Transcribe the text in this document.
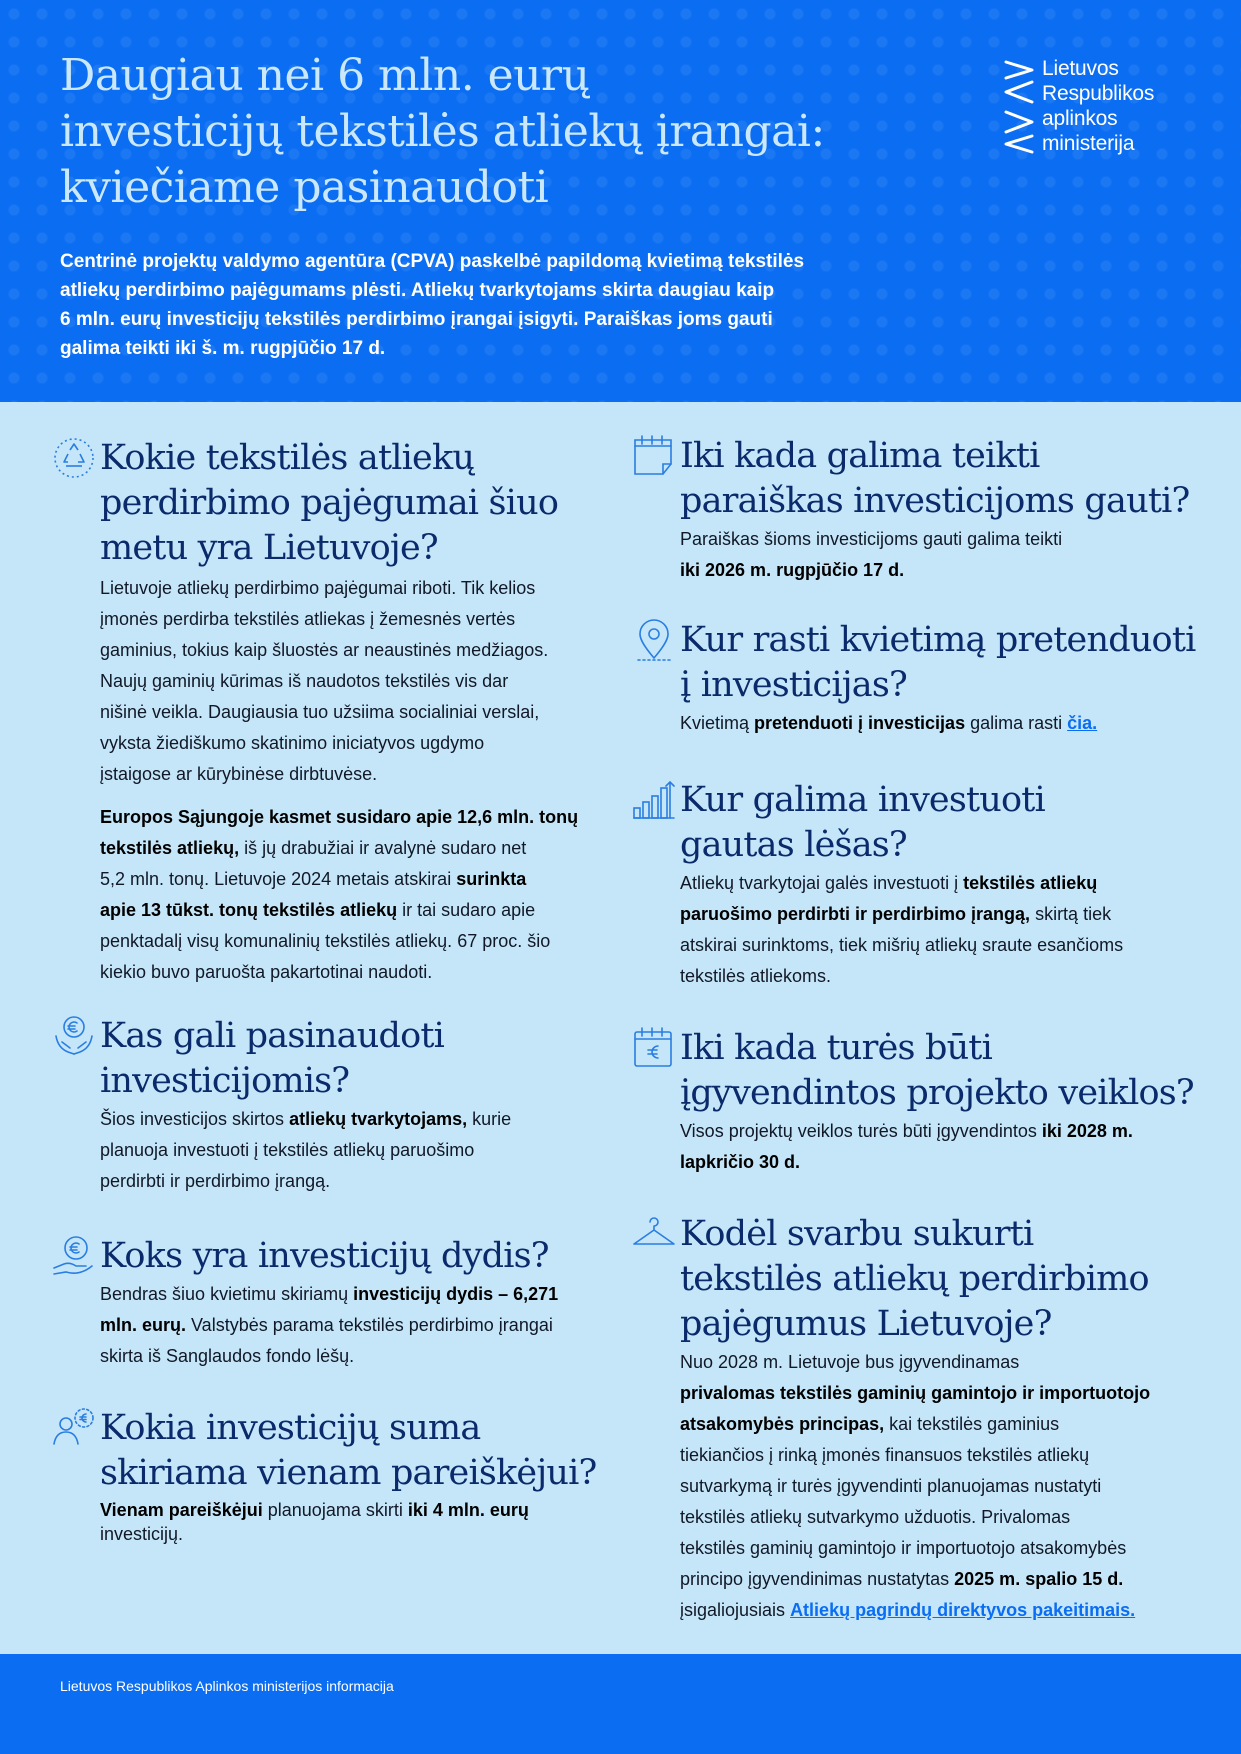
Daugiau nei 6 mln. eurų
investicijų tekstilės atliekų įrangai:
kviečiame pasinaudoti

Centrinė projektų valdymo agentūra (CPVA) paskelbė papildomą kvietimą tekstilės
atliekų perdirbimo pajėgumams plėsti. Atliekų tvarkytojams skirta daugiau kaip
6 mln. eurų investicijų tekstilės perdirbimo įrangai įsigyti. Paraiškas joms gauti
galima teikti iki š. m. rugpjūčio 17 d.

Lietuvos
Respublikos
aplinkos
ministerija
Kokie tekstilės atliekų
perdirbimo pajėgumai šiuo
metu yra Lietuvoje?

Lietuvoje atliekų perdirbimo pajėgumai riboti. Tik kelios
įmonės perdirba tekstilės atliekas į žemesnės vertės
gaminius, tokius kaip šluostės ar neaustinės medžiagos.
Naujų gaminių kūrimas iš naudotos tekstilės vis dar
nišinė veikla. Daugiausia tuo užsiima socialiniai verslai,
vyksta žiediškumo skatinimo iniciatyvos ugdymo
įstaigose ar kūrybinėse dirbtuvėse.

Europos Sąjungoje kasmet susidaro apie 12,6 mln. tonų
tekstilės atliekų, iš jų drabužiai ir avalynė sudaro net
5,2 mln. tonų. Lietuvoje 2024 metais atskirai surinkta
apie 13 tūkst. tonų tekstilės atliekų ir tai sudaro apie
penktadalį visų komunalinių tekstilės atliekų. 67 proc. šio
kiekio buvo paruošta pakartotinai naudoti.

Kas gali pasinaudoti
investicijomis?

Šios investicijos skirtos atliekų tvarkytojams, kurie
planuoja investuoti į tekstilės atliekų paruošimo
perdirbti ir perdirbimo įrangą.

Koks yra investicijų dydis?

Bendras šiuo kvietimu skiriamų investicijų dydis – 6,271
mln. eurų. Valstybės parama tekstilės perdirbimo įrangai
skirta iš Sanglaudos fondo lėšų.

Kokia investicijų suma
skiriama vienam pareiškėjui?

Vienam pareiškėjui planuojama skirti iki 4 mln. eurų
investicijų.

Iki kada galima teikti
paraiškas investicijoms gauti?

Paraiškas šioms investicijoms gauti galima teikti
iki 2026 m. rugpjūčio 17 d.

Kur rasti kvietimą pretenduoti
į investicijas?

Kvietimą pretenduoti į investicijas galima rasti čia.

Kur galima investuoti
gautas lėšas?

Atliekų tvarkytojai galės investuoti į tekstilės atliekų
paruošimo perdirbti ir perdirbimo įrangą, skirtą tiek
atskirai surinktoms, tiek mišrių atliekų sraute esančioms
tekstilės atliekoms.

Iki kada turės būti
įgyvendintos projekto veiklos?

Visos projektų veiklos turės būti įgyvendintos iki 2028 m.
lapkričio 30 d.

Kodėl svarbu sukurti
tekstilės atliekų perdirbimo
pajėgumus Lietuvoje?

Nuo 2028 m. Lietuvoje bus įgyvendinamas
privalomas tekstilės gaminių gamintojo ir importuotojo
atsakomybės principas, kai tekstilės gaminius
tiekiančios į rinką įmonės finansuos tekstilės atliekų
sutvarkymą ir turės įgyvendinti planuojamas nustatyti
tekstilės atliekų sutvarkymo užduotis. Privalomas
tekstilės gaminių gamintojo ir importuotojo atsakomybės
principo įgyvendinimas nustatytas 2025 m. spalio 15 d.
įsigaliojusiais Atliekų pagrindų direktyvos pakeitimais.

Lietuvos Respublikos Aplinkos ministerijos informacija
